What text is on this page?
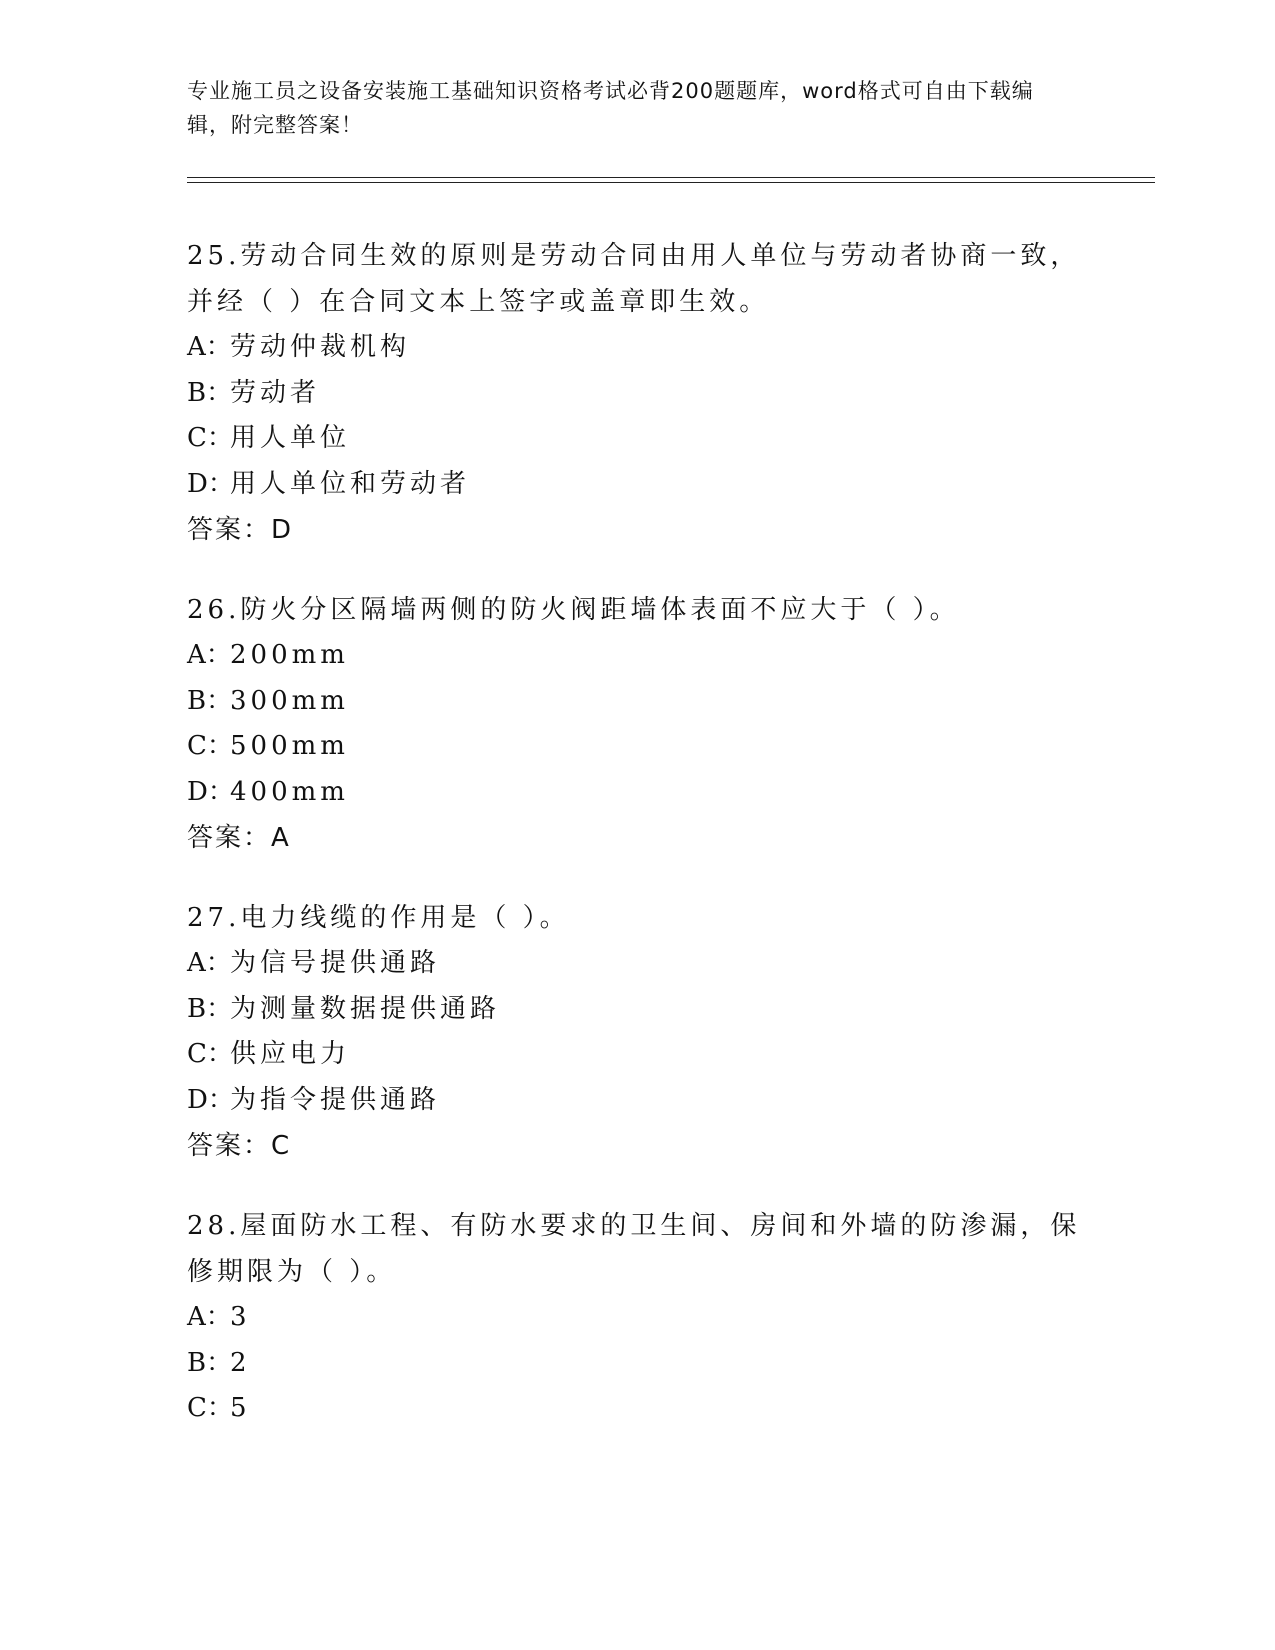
专业施工员之设备安装施工基础知识资格考试必背200题题库，word格式可自由下载编辑，附完整答案！

25.劳动合同生效的原则是劳动合同由用人单位与劳动者协商一致，并经（ ）在合同文本上签字或盖章即生效。

A：劳动仲裁机构

B：劳动者

C：用人单位

D：用人单位和劳动者

答案：D

26.防火分区隔墙两侧的防火阀距墙体表面不应大于（ ）。

A：200mm

B：300mm

C：500mm

D：400mm

答案：A

27.电力线缆的作用是（ ）。

A：为信号提供通路

B：为测量数据提供通路

C：供应电力

D：为指令提供通路

答案：C

28.屋面防水工程、有防水要求的卫生间、房间和外墙的防渗漏，保修期限为（ ）。

A：3

B：2

C：5
